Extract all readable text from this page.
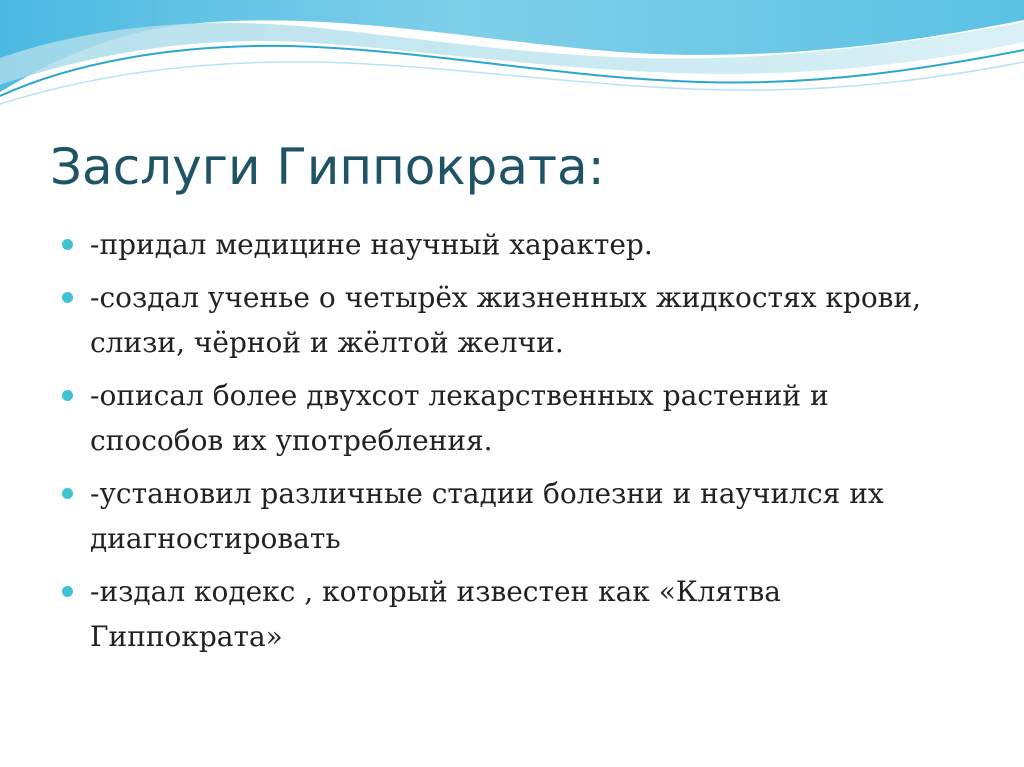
Заслуги Гиппократа:
-придал медицине научный характер.
-создал ученье о четырёх жизненных жидкостях крови, слизи, чёрной и жёлтой желчи.
-описал более двухсот лекарственных растений и способов их употребления.
-установил различные стадии болезни и научился их диагностировать
-издал кодекс , который известен как «Клятва Гиппократа»
